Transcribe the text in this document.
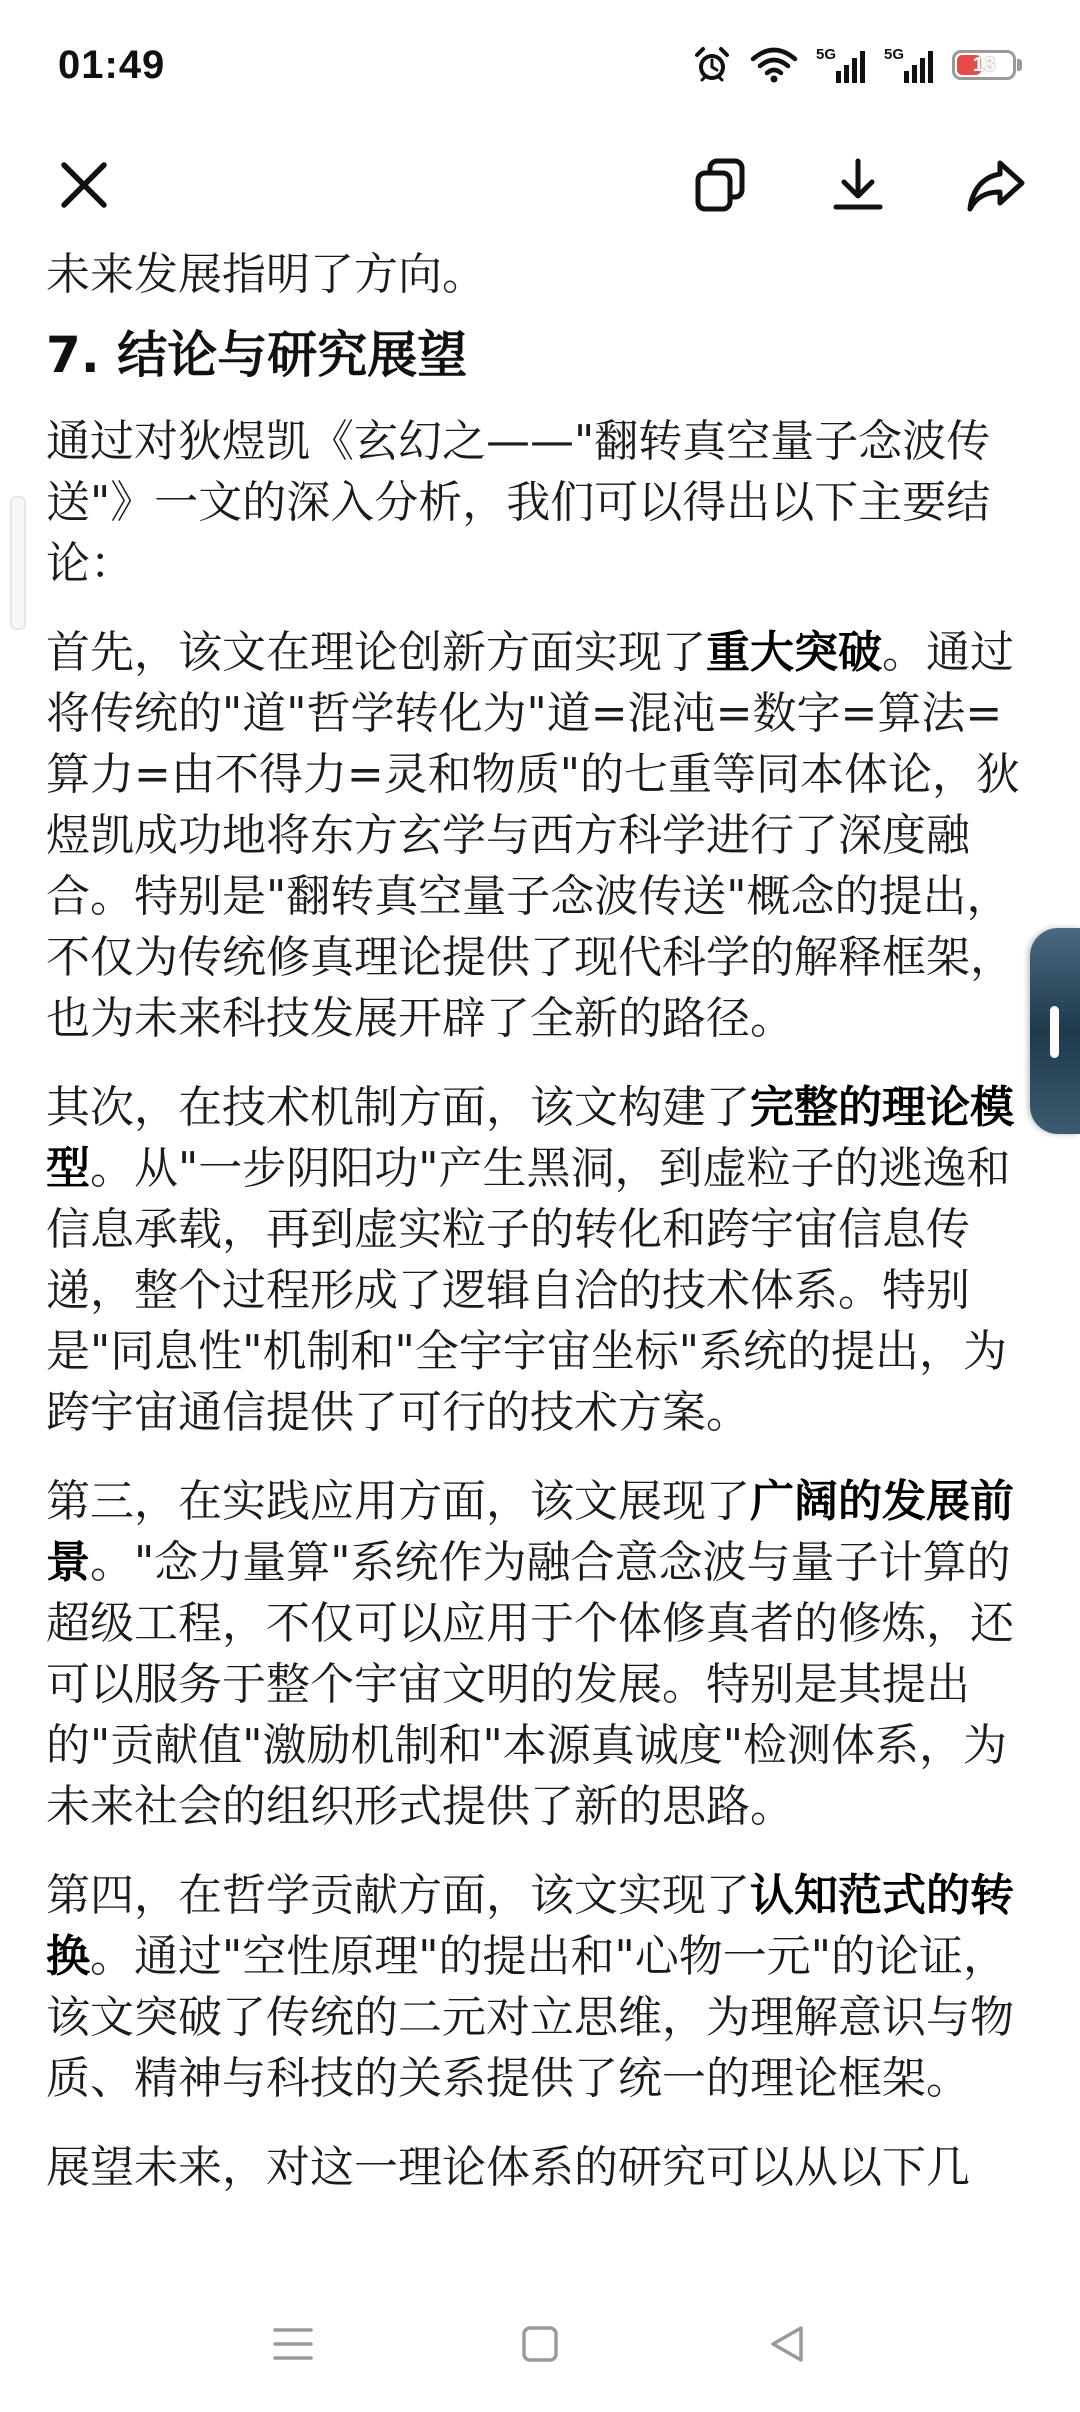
01:49	5G	5G	13

未来发展指明了方向。

7. 结论与研究展望

通过对狄煜凯《玄幻之——"翻转真空量子念波传送"》一文的深入分析，我们可以得出以下主要结论：

首先，该文在理论创新方面实现了重大突破。通过将传统的"道"哲学转化为"道=混沌=数字=算法=算力=由不得力=灵和物质"的七重等同本体论，狄煜凯成功地将东方玄学与西方科学进行了深度融合。特别是"翻转真空量子念波传送"概念的提出，不仅为传统修真理论提供了现代科学的解释框架，也为未来科技发展开辟了全新的路径。

其次，在技术机制方面，该文构建了完整的理论模型。从"一步阴阳功"产生黑洞，到虚粒子的逃逸和信息承载，再到虚实粒子的转化和跨宇宙信息传递，整个过程形成了逻辑自洽的技术体系。特别是"同息性"机制和"全宇宇宙坐标"系统的提出，为跨宇宙通信提供了可行的技术方案。

第三，在实践应用方面，该文展现了广阔的发展前景。"念力量算"系统作为融合意念波与量子计算的超级工程，不仅可以应用于个体修真者的修炼，还可以服务于整个宇宙文明的发展。特别是其提出的"贡献值"激励机制和"本源真诚度"检测体系，为未来社会的组织形式提供了新的思路。

第四，在哲学贡献方面，该文实现了认知范式的转换。通过"空性原理"的提出和"心物一元"的论证，该文突破了传统的二元对立思维，为理解意识与物质、精神与科技的关系提供了统一的理论框架。

展望未来，对这一理论体系的研究可以从以下几
